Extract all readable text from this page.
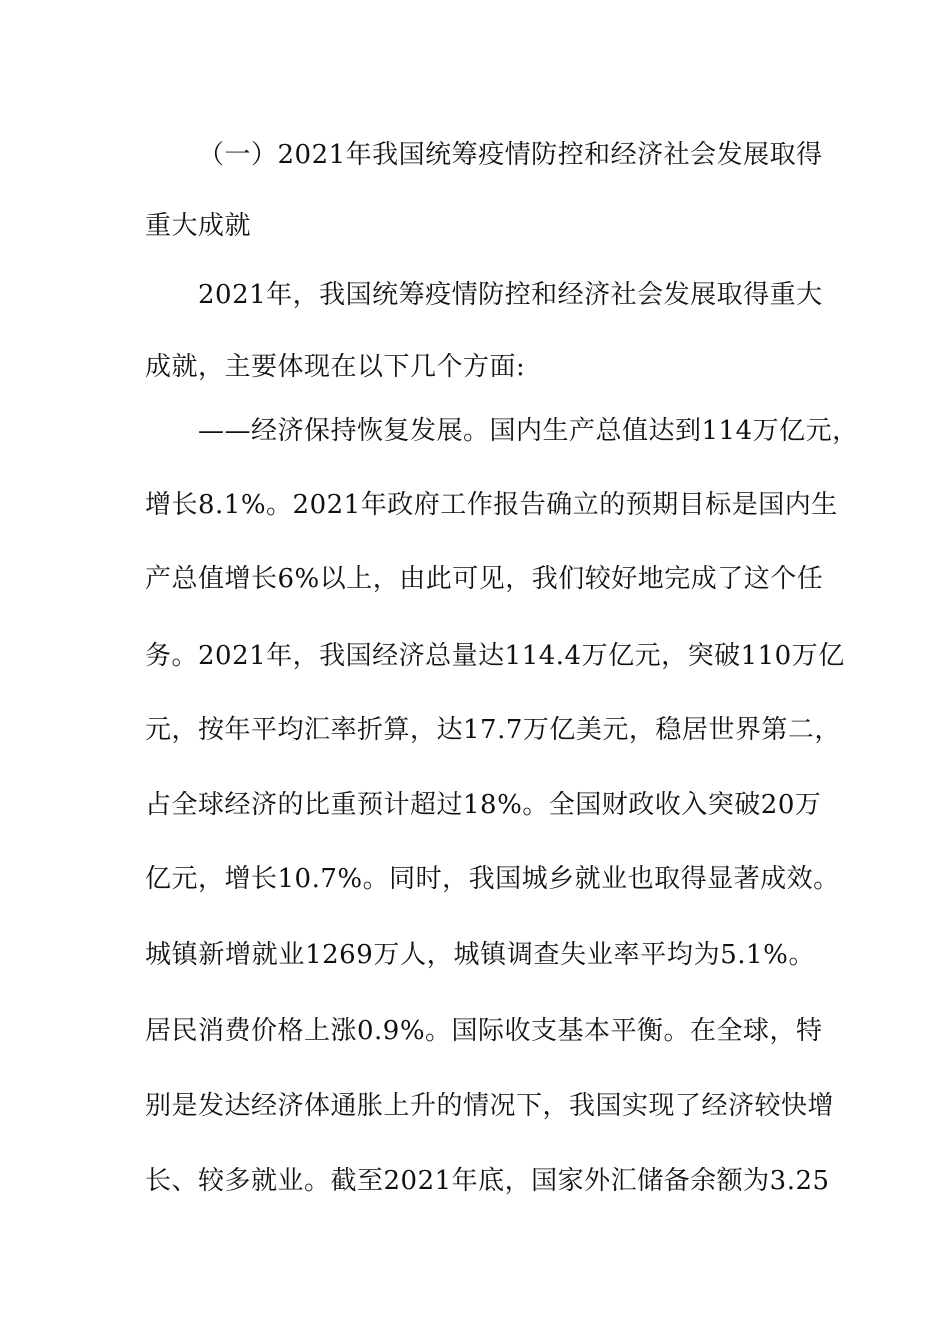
（一）2021年我国统筹疫情防控和经济社会发展取得
重大成就
2021年，我国统筹疫情防控和经济社会发展取得重大
成就，主要体现在以下几个方面:
——经济保持恢复发展。国内生产总值达到114万亿元，
增长8.1%。2021年政府工作报告确立的预期目标是国内生
产总值增长6%以上，由此可见，我们较好地完成了这个任
务。2021年，我国经济总量达114.4万亿元，突破110万亿
元，按年平均汇率折算，达17.7万亿美元，稳居世界第二，
占全球经济的比重预计超过18%。全国财政收入突破20万
亿元，增长10.7%。同时，我国城乡就业也取得显著成效。
城镇新增就业1269万人，城镇调查失业率平均为5.1%。
居民消费价格上涨0.9%。国际收支基本平衡。在全球，特
别是发达经济体通胀上升的情况下，我国实现了经济较快增
长、较多就业。截至2021年底，国家外汇储备余额为3.25
